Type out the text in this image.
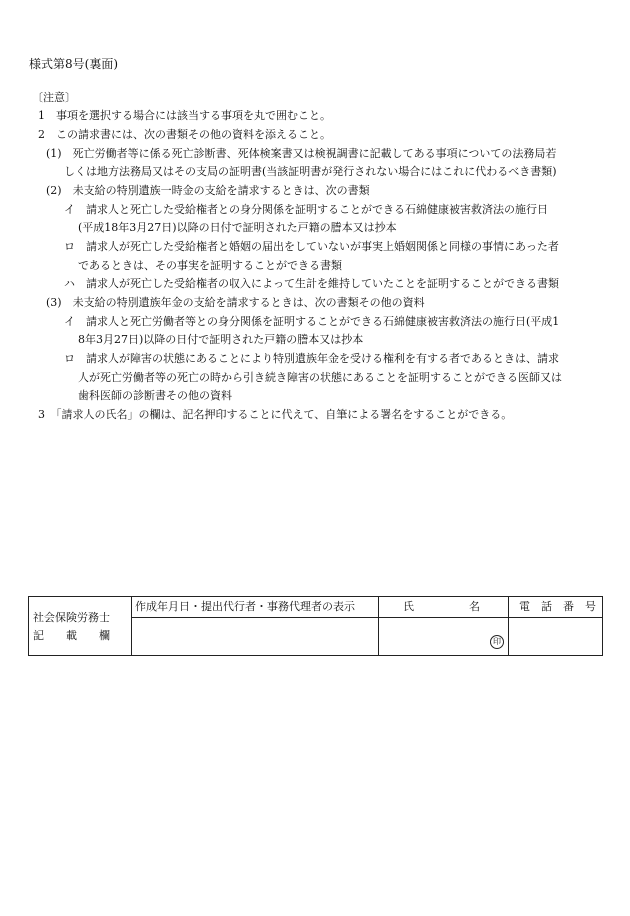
様式第8号(裏面)
〔注意〕
1　事項を選択する場合には該当する事項を丸で囲むこと。
2　この請求書には、次の書類その他の資料を添えること。
(1)　死亡労働者等に係る死亡診断書、死体検案書又は検視調書に記載してある事項についての法務局若
しくは地方法務局又はその支局の証明書(当該証明書が発行されない場合にはこれに代わるべき書類)
(2)　未支給の特別遺族一時金の支給を請求するときは、次の書類
イ　請求人と死亡した受給権者との身分関係を証明することができる石綿健康被害救済法の施行日
(平成18年3月27日)以降の日付で証明された戸籍の謄本又は抄本
ロ　請求人が死亡した受給権者と婚姻の届出をしていないが事実上婚姻関係と同様の事情にあった者
であるときは、その事実を証明することができる書類
ハ　請求人が死亡した受給権者の収入によって生計を維持していたことを証明することができる書類
(3)　未支給の特別遺族年金の支給を請求するときは、次の書類その他の資料
イ　請求人と死亡労働者等との身分関係を証明することができる石綿健康被害救済法の施行日(平成1
8年3月27日)以降の日付で証明された戸籍の謄本又は抄本
ロ　請求人が障害の状態にあることにより特別遺族年金を受ける権利を有する者であるときは、請求
人が死亡労働者等の死亡の時から引き続き障害の状態にあることを証明することができる医師又は
歯科医師の診断書その他の資料
3　「請求人の氏名」の欄は、記名押印することに代えて、自筆による署名をすることができる。
社会保険労務士
記　　載　　欄
作成年月日・提出代行者・事務代理者の表示	氏　　　　　名	電　話　番　号
印
